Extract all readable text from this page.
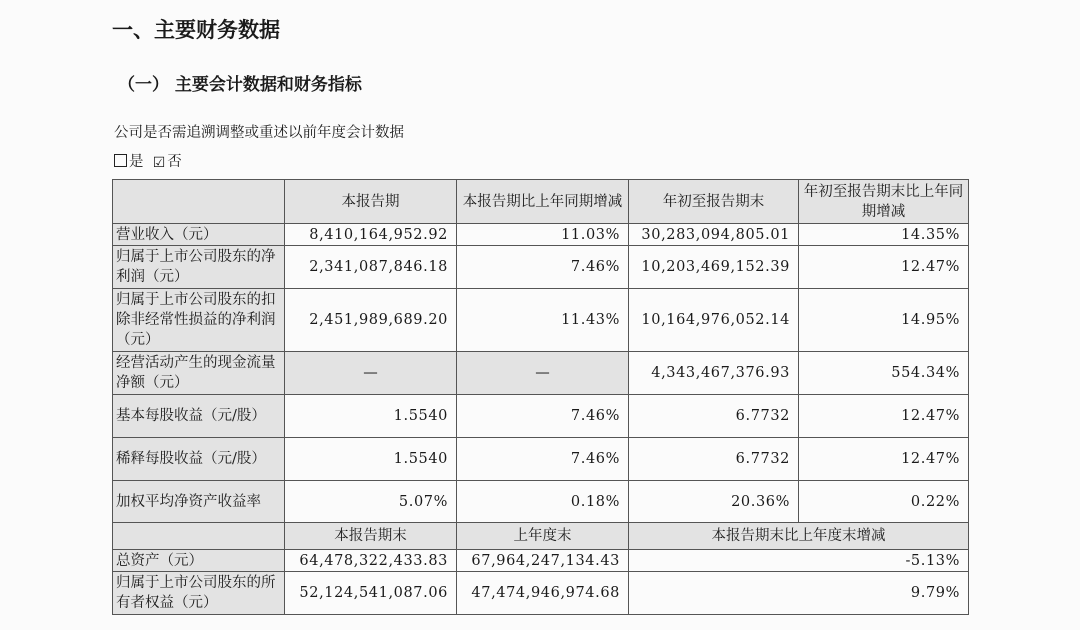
一、主要财务数据
（一） 主要会计数据和财务指标
公司是否需追溯调整或重述以前年度会计数据
是 ☑ 否
	本报告期	本报告期比上年同期增减	年初至报告期末	年初至报告期末比上年同期增减
营业收入（元）	8,410,164,952.92	11.03%	30,283,094,805.01	14.35%
归属于上市公司股东的净利润（元）	2,341,087,846.18	7.46%	10,203,469,152.39	12.47%
归属于上市公司股东的扣除非经常性损益的净利润（元）	2,451,989,689.20	11.43%	10,164,976,052.14	14.95%
经营活动产生的现金流量净额（元）	—	—	4,343,467,376.93	554.34%
基本每股收益（元/股）	1.5540	7.46%	6.7732	12.47%
稀释每股收益（元/股）	1.5540	7.46%	6.7732	12.47%
加权平均净资产收益率	5.07%	0.18%	20.36%	0.22%
	本报告期末	上年度末	本报告期末比上年度末增减	
总资产（元）	64,478,322,433.83	67,964,247,134.43	-5.13%	
归属于上市公司股东的所有者权益（元）	52,124,541,087.06	47,474,946,974.68	9.79%	
